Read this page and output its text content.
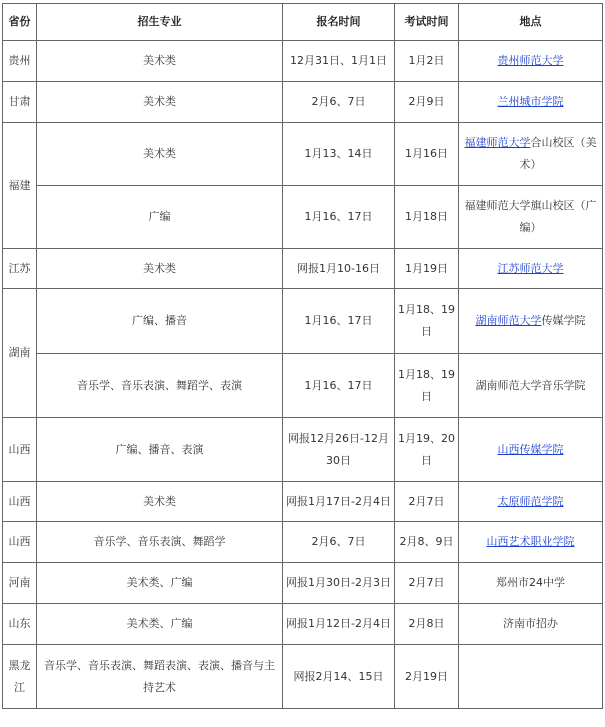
省份	招生专业	报名时间	考试时间	地点
贵州	美术类	12月31日、1月1日	1月2日	贵州师范大学
甘肃	美术类	2月6、7日	2月9日	兰州城市学院
福建	美术类	1月13、14日	1月16日	福建师范大学合山校区（美术）
	广编	1月16、17日	1月18日	福建师范大学旗山校区（广编）
江苏	美术类	网报1月10-16日	1月19日	江苏师范大学
湖南	广编、播音	1月16、17日	1月18、19日	湖南师范大学传媒学院
	音乐学、音乐表演、舞蹈学、表演	1月16、17日	1月18、19日	湖南师范大学音乐学院
山西	广编、播音、表演	网报12月26日-12月30日	1月19、20日	山西传媒学院
山西	美术类	网报1月17日-2月4日	2月7日	太原师范学院
山西	音乐学、音乐表演、舞蹈学	2月6、7日	2月8、9日	山西艺术职业学院
河南	美术类、广编	网报1月30日-2月3日	2月7日	郑州市24中学
山东	美术类、广编	网报1月12日-2月4日	2月8日	济南市招办
黑龙江	音乐学、音乐表演、舞蹈表演、表演、播音与主持艺术	网报2月14、15日	2月19日	
